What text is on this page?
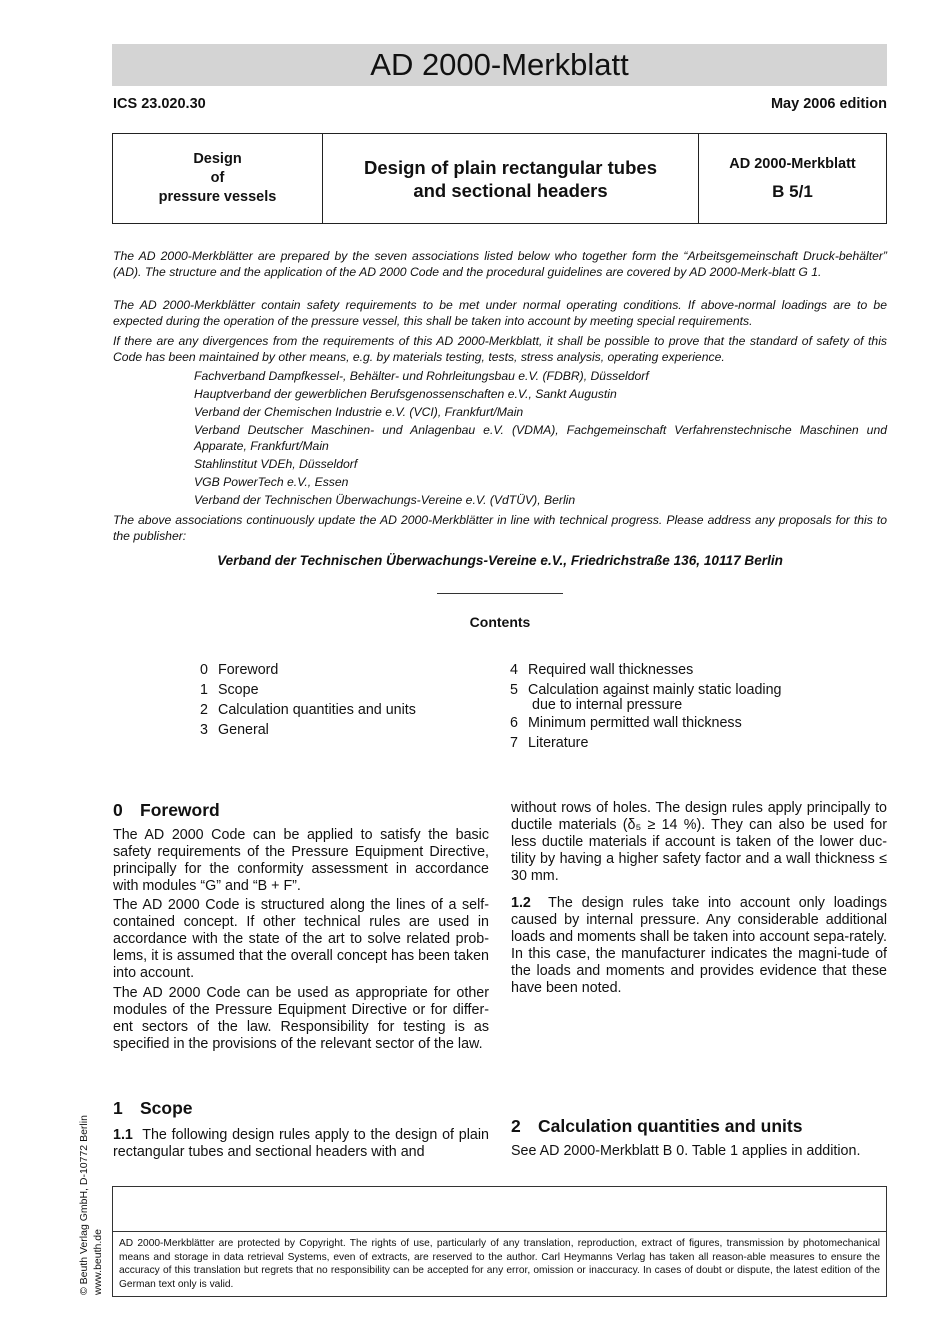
AD 2000-Merkblatt
ICS 23.020.30	May 2006 edition
Design
of
pressure vessels
Design of plain rectangular tubes
and sectional headers
AD 2000-Merkblatt
B 5/1

The AD 2000-Merkblätter are prepared by the seven associations listed below who together form the “Arbeitsgemeinschaft Druck-behälter” (AD). The structure and the application of the AD 2000 Code and the procedural guidelines are covered by AD 2000-Merk-blatt G 1.

The AD 2000-Merkblätter contain safety requirements to be met under normal operating conditions. If above-normal loadings are to be expected during the operation of the pressure vessel, this shall be taken into account by meeting special requirements.

If there are any divergences from the requirements of this AD 2000-Merkblatt, it shall be possible to prove that the standard of safety of this Code has been maintained by other means, e.g. by materials testing, tests, stress analysis, operating experience.

Fachverband Dampfkessel-, Behälter- und Rohrleitungsbau e.V. (FDBR), Düsseldorf

Hauptverband der gewerblichen Berufsgenossenschaften e.V., Sankt Augustin

Verband der Chemischen Industrie e.V. (VCI), Frankfurt/Main

Verband Deutscher Maschinen- und Anlagenbau e.V. (VDMA), Fachgemeinschaft Verfahrenstechnische Maschinen und Apparate, Frankfurt/Main

Stahlinstitut VDEh, Düsseldorf

VGB PowerTech e.V., Essen

Verband der Technischen Überwachungs-Vereine e.V. (VdTÜV), Berlin

The above associations continuously update the AD 2000-Merkblätter in line with technical progress. Please address any proposals for this to the publisher:

Verband der Technischen Überwachungs-Vereine e.V., Friedrichstraße 136, 10117 Berlin
Contents
0 Foreword
1 Scope
2 Calculation quantities and units
3 General
4 Required wall thicknesses
5 Calculation against mainly static loading
due to internal pressure
6 Minimum permitted wall thickness
7 Literature
0 Foreword

The AD 2000 Code can be applied to satisfy the basic safety requirements of the Pressure Equipment Directive, principally for the conformity assessment in accordance with modules “G” and “B + F”.

The AD 2000 Code is structured along the lines of a self-contained concept. If other technical rules are used in accordance with the state of the art to solve related prob-lems, it is assumed that the overall concept has been taken into account.

The AD 2000 Code can be used as appropriate for other modules of the Pressure Equipment Directive or for differ-ent sectors of the law. Responsibility for testing is as specified in the provisions of the relevant sector of the law.

1 Scope

1.1 The following design rules apply to the design of plain rectangular tubes and sectional headers with and

without rows of holes. The design rules apply principally to ductile materials (δ₅ ≥ 14 %). They can also be used for less ductile materials if account is taken of the lower duc-tility by having a higher safety factor and a wall thickness ≤ 30 mm.

1.2 The design rules take into account only loadings caused by internal pressure. Any considerable additional loads and moments shall be taken into account sepa-rately. In this case, the manufacturer indicates the magni-tude of the loads and moments and provides evidence that these have been noted.

2 Calculation quantities and units

See AD 2000-Merkblatt B 0. Table 1 applies in addition.

© Beuth Verlag GmbH, D-10772 Berlin www.beuth.de AD 2000-Merkblätter are protected by Copyright. The rights of use, particularly of any translation, reproduction, extract of figures, transmission by photomechanical means and storage in data retrieval Systems, even of extracts, are reserved to the author. Carl Heymanns Verlag has taken all reason-able measures to ensure the accuracy of this translation but regrets that no responsibility can be accepted for any error, omission or inaccuracy. In cases of doubt or dispute, the latest edition of the German text only is valid.
